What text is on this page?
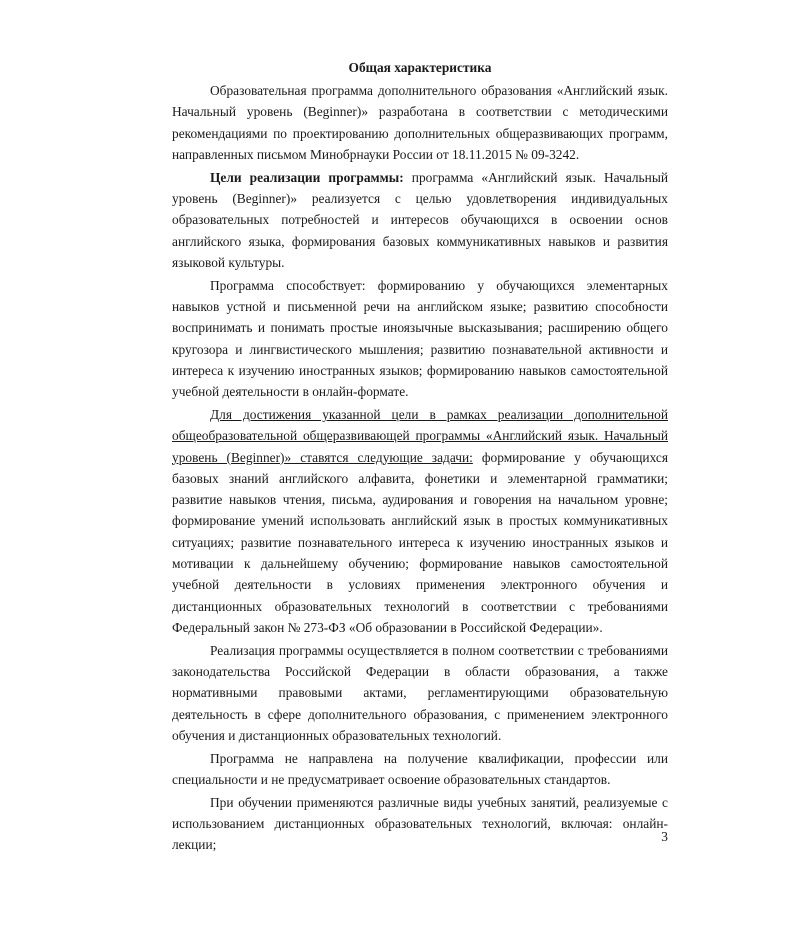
Общая характеристика

Образовательная программа дополнительного образования «Английский язык. Начальный уровень (Beginner)» разработана в соответствии с методическими рекомендациями по проектированию дополнительных общеразвивающих программ, направленных письмом Минобрнауки России от 18.11.2015 № 09-3242.

Цели реализации программы: программа «Английский язык. Начальный уровень (Beginner)» реализуется с целью удовлетворения индивидуальных образовательных потребностей и интересов обучающихся в освоении основ английского языка, формирования базовых коммуникативных навыков и развития языковой культуры.

Программа способствует: формированию у обучающихся элементарных навыков устной и письменной речи на английском языке; развитию способности воспринимать и понимать простые иноязычные высказывания; расширению общего кругозора и лингвистического мышления; развитию познавательной активности и интереса к изучению иностранных языков; формированию навыков самостоятельной учебной деятельности в онлайн-формате.

Для достижения указанной цели в рамках реализации дополнительной общеобразовательной общеразвивающей программы «Английский язык. Начальный уровень (Beginner)» ставятся следующие задачи: формирование у обучающихся базовых знаний английского алфавита, фонетики и элементарной грамматики; развитие навыков чтения, письма, аудирования и говорения на начальном уровне; формирование умений использовать английский язык в простых коммуникативных ситуациях; развитие познавательного интереса к изучению иностранных языков и мотивации к дальнейшему обучению; формирование навыков самостоятельной учебной деятельности в условиях применения электронного обучения и дистанционных образовательных технологий в соответствии с требованиями Федеральный закон № 273-ФЗ «Об образовании в Российской Федерации».

Реализация программы осуществляется в полном соответствии с требованиями законодательства Российской Федерации в области образования, а также нормативными правовыми актами, регламентирующими образовательную деятельность в сфере дополнительного образования, с применением электронного обучения и дистанционных образовательных технологий.

Программа не направлена на получение квалификации, профессии или специальности и не предусматривает освоение образовательных стандартов.

При обучении применяются различные виды учебных занятий, реализуемые с использованием дистанционных образовательных технологий, включая: онлайн-лекции;

3
